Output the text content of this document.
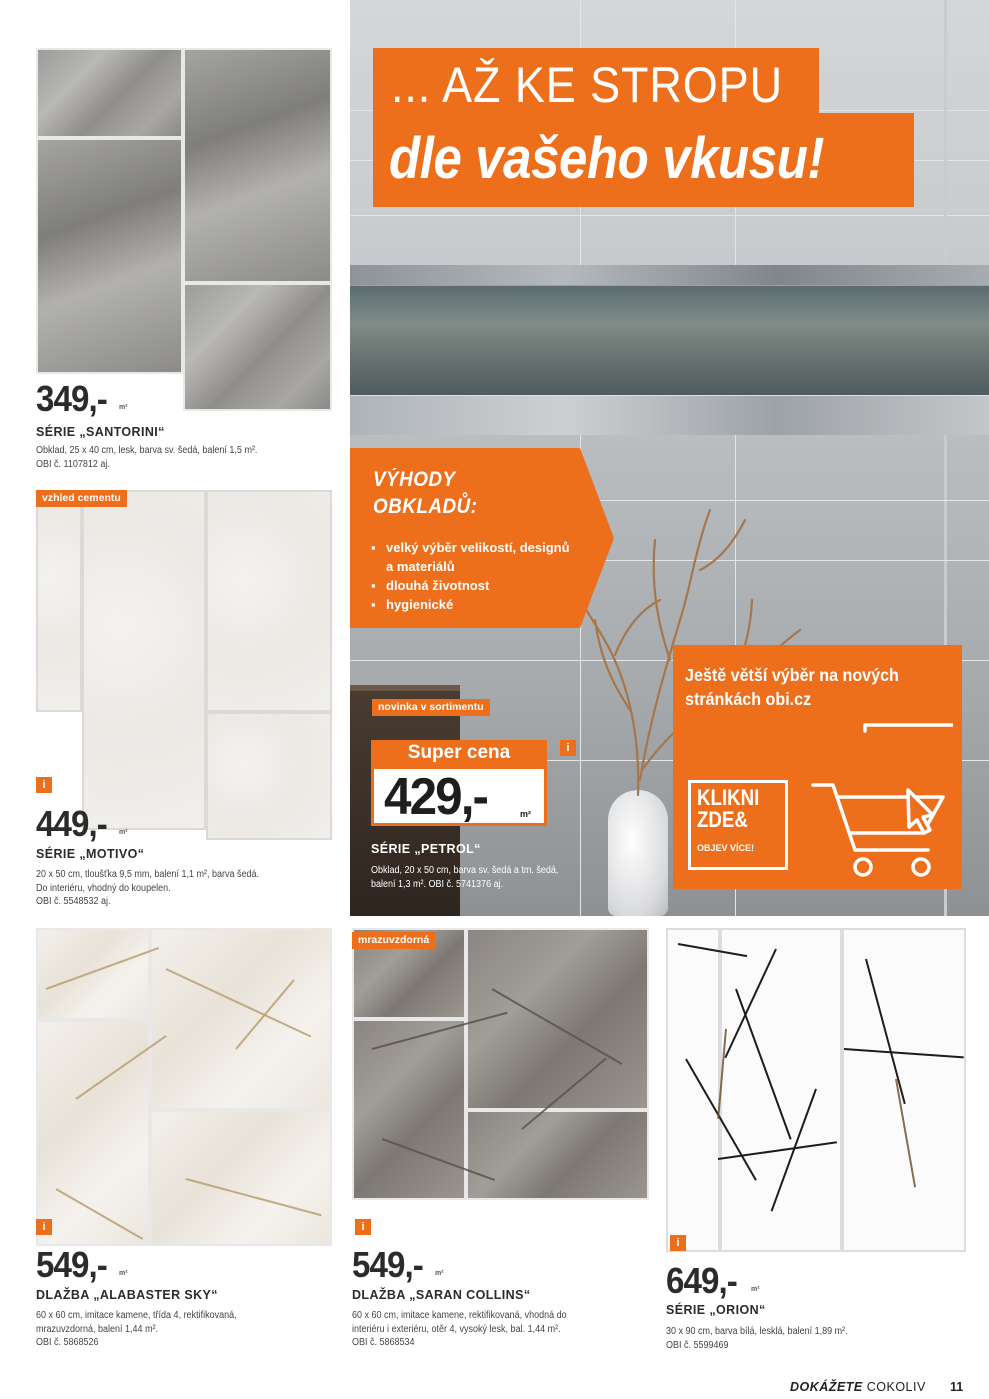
349,- m²
SÉRIE „SANTORINI“
Obklad, 25 x 40 cm, lesk, barva sv. šedá, balení 1,5 m².
OBI č. 1107812 aj.
vzhled cementu
i
449,- m²
SÉRIE „MOTIVO“
20 x 50 cm, tloušťka 9,5 mm, balení 1,1 m², barva šedá.
Do interiéru, vhodný do koupelen.
OBI č. 5548532 aj.
... AŽ KE STROPU
dle vašeho vkusu!
VÝHODY
OBKLADŮ:
▪ velký výběr velikostí, designů
a materiálů
▪ dlouhá životnost
▪ hygienické
novinka v sortimentu
Super cena	i
429,-	m²
SÉRIE „PETROL“
Obklad, 20 x 50 cm, barva sv. šedá a tm. šedá,
balení 1,3 m². OBI č. 5741376 aj.
Ještě větší výběr na nových
stránkách obi.cz
KLIKNI
ZDE&
OBJEV VÍCE!
i
549,- m²
DLAŽBA „ALABASTER SKY“
60 x 60 cm, imitace kamene, třída 4, rektifikovaná,
mrazuvzdorná, balení 1,44 m².
OBI č. 5868526
mrazuvzdorná
i
549,- m²
DLAŽBA „SARAN COLLINS“
60 x 60 cm, imitace kamene, rektifikovaná, vhodná do
interiéru i exteriéru, otěr 4, vysoký lesk, bal. 1,44 m².
OBI č. 5868534
i
649,- m²
SÉRIE „ORION“
30 x 90 cm, barva bílá, lesklá, balení 1,89 m².
OBI č. 5599469
DOKÁŽETE COKOLIV 11
